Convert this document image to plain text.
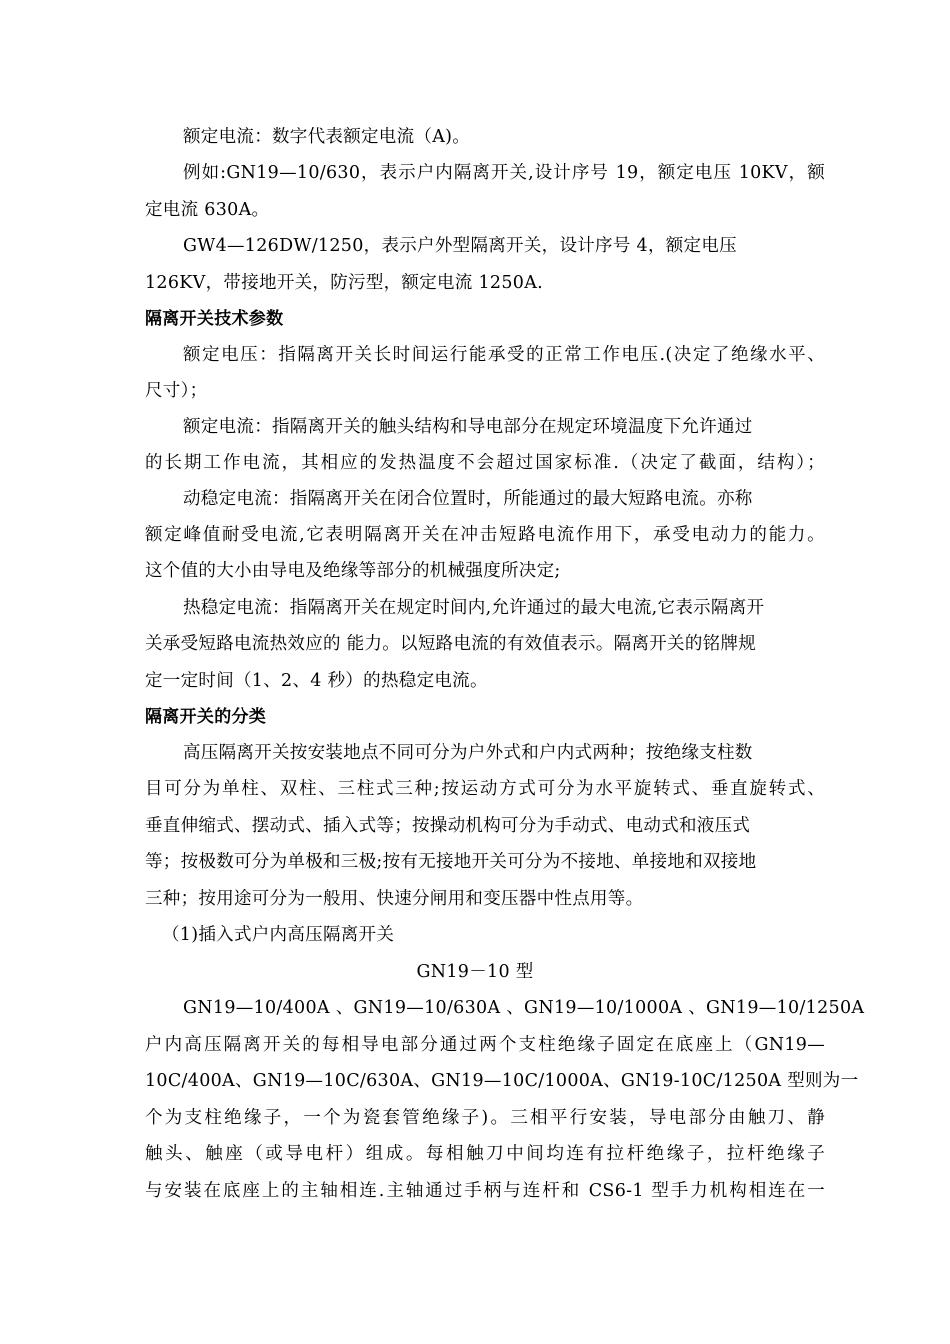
额定电流：数字代表额定电流（A)。
例如:GN19—10/630，表示户内隔离开关,设计序号 19，额定电压 10KV，额
定电流 630A。
GW4—126DW/1250，表示户外型隔离开关，设计序号 4，额定电压
126KV，带接地开关，防污型，额定电流 1250A.
隔离开关技术参数
额定电压：指隔离开关长时间运行能承受的正常工作电压.(决定了绝缘水平、
尺寸）；
额定电流：指隔离开关的触头结构和导电部分在规定环境温度下允许通过
的长期工作电流，其相应的发热温度不会超过国家标准.（决定了截面，结构）；
动稳定电流：指隔离开关在闭合位置时，所能通过的最大短路电流。亦称
额定峰值耐受电流,它表明隔离开关在冲击短路电流作用下，承受电动力的能力。
这个值的大小由导电及绝缘等部分的机械强度所决定;
热稳定电流：指隔离开关在规定时间内,允许通过的最大电流,它表示隔离开
关承受短路电流热效应的 能力。以短路电流的有效值表示。隔离开关的铭牌规
定一定时间（1、2、4 秒）的热稳定电流。
隔离开关的分类
高压隔离开关按安装地点不同可分为户外式和户内式两种；按绝缘支柱数
目可分为单柱、双柱、三柱式三种;按运动方式可分为水平旋转式、垂直旋转式、
垂直伸缩式、摆动式、插入式等；按操动机构可分为手动式、电动式和液压式
等；按极数可分为单极和三极;按有无接地开关可分为不接地、单接地和双接地
三种；按用途可分为一般用、快速分闸用和变压器中性点用等。
（1)插入式户内高压隔离开关
GN19－10 型
GN19—10/400A 、GN19—10/630A 、GN19—10/1000A 、GN19—10/1250A
户内高压隔离开关的每相导电部分通过两个支柱绝缘子固定在底座上（GN19—
10C/400A、GN19—10C/630A、GN19—10C/1000A、GN19-10C/1250A 型则为一
个为支柱绝缘子，一个为瓷套管绝缘子)。三相平行安装，导电部分由触刀、静
触头、触座（或导电杆）组成。每相触刀中间均连有拉杆绝缘子，拉杆绝缘子
与安装在底座上的主轴相连.主轴通过手柄与连杆和 CS6-1 型手力机构相连在一
